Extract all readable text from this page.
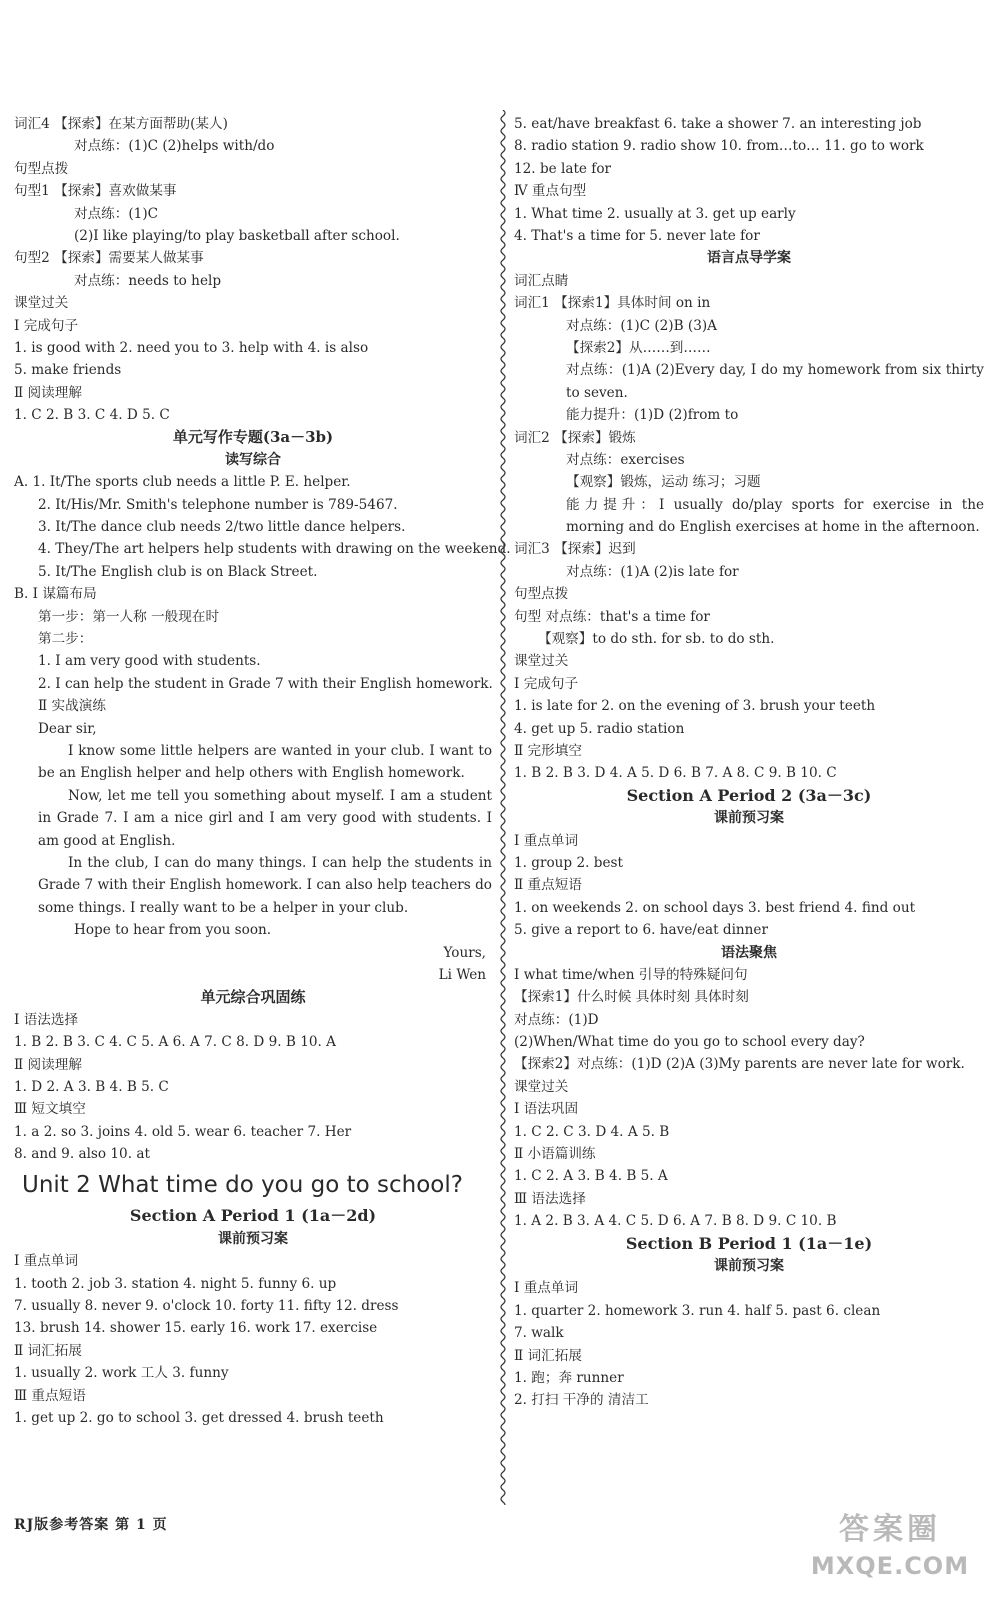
词汇4 【探索】在某方面帮助(某人)
对点练：(1)C (2)helps with/do
句型点拨
句型1 【探索】喜欢做某事
对点练：(1)C
(2)I like playing/to play basketball after school.
句型2 【探索】需要某人做某事
对点练：needs to help
课堂过关
Ⅰ 完成句子
1. is good with 2. need you to 3. help with 4. is also
5. make friends
Ⅱ 阅读理解
1. C 2. B 3. C 4. D 5. C
单元写作专题(3a－3b)
读写综合
A. 1. It/The sports club needs a little P. E. helper.
2. It/His/Mr. Smith's telephone number is 789-5467.
3. It/The dance club needs 2/two little dance helpers.
4. They/The art helpers help students with drawing on the weekend.
5. It/The English club is on Black Street.
B. Ⅰ 谋篇布局
第一步：第一人称 一般现在时
第二步：
1. I am very good with students.
2. I can help the student in Grade 7 with their English homework.
Ⅱ 实战演练
Dear sir,
I know some little helpers are wanted in your club. I want to be an English helper and help others with English homework.
Now, let me tell you something about myself. I am a student in Grade 7. I am a nice girl and I am very good with students. I am good at English.
In the club, I can do many things. I can help the students in Grade 7 with their English homework. I can also help teachers do some things. I really want to be a helper in your club.
Hope to hear from you soon.
Yours,
Li Wen
单元综合巩固练
Ⅰ 语法选择
1. B 2. B 3. C 4. C 5. A 6. A 7. C 8. D 9. B 10. A
Ⅱ 阅读理解
1. D 2. A 3. B 4. B 5. C
Ⅲ 短文填空
1. a 2. so 3. joins 4. old 5. wear 6. teacher 7. Her
8. and 9. also 10. at
Unit 2 What time do you go to school?
Section A Period 1 (1a－2d)
课前预习案
Ⅰ 重点单词
1. tooth 2. job 3. station 4. night 5. funny 6. up
7. usually 8. never 9. o'clock 10. forty 11. fifty 12. dress
13. brush 14. shower 15. early 16. work 17. exercise
Ⅱ 词汇拓展
1. usually 2. work 工人 3. funny
Ⅲ 重点短语
1. get up 2. go to school 3. get dressed 4. brush teeth
5. eat/have breakfast 6. take a shower 7. an interesting job
8. radio station 9. radio show 10. from…to… 11. go to work
12. be late for
Ⅳ 重点句型
1. What time 2. usually at 3. get up early
4. That's a time for 5. never late for
语言点导学案
词汇点睛
词汇1 【探索1】具体时间 on in
对点练：(1)C (2)B (3)A
【探索2】从……到……
对点练：(1)A (2)Every day, I do my homework from six thirty to seven.
能力提升：(1)D (2)from to
词汇2 【探索】锻炼
对点练：exercises
【观察】锻炼，运动 练习；习题
能力提升：I usually do/play sports for exercise in the morning and do English exercises at home in the afternoon.
词汇3 【探索】迟到
对点练：(1)A (2)is late for
句型点拨
句型 对点练：that's a time for
【观察】to do sth. for sb. to do sth.
课堂过关
Ⅰ 完成句子
1. is late for 2. on the evening of 3. brush your teeth
4. get up 5. radio station
Ⅱ 完形填空
1. B 2. B 3. D 4. A 5. D 6. B 7. A 8. C 9. B 10. C
Section A Period 2 (3a－3c)
课前预习案
Ⅰ 重点单词
1. group 2. best
Ⅱ 重点短语
1. on weekends 2. on school days 3. best friend 4. find out
5. give a report to 6. have/eat dinner
语法聚焦
Ⅰ what time/when 引导的特殊疑问句
【探索1】什么时候 具体时刻 具体时刻
对点练：(1)D
(2)When/What time do you go to school every day?
【探索2】对点练：(1)D (2)A (3)My parents are never late for work.
课堂过关
Ⅰ 语法巩固
1. C 2. C 3. D 4. A 5. B
Ⅱ 小语篇训练
1. C 2. A 3. B 4. B 5. A
Ⅲ 语法选择
1. A 2. B 3. A 4. C 5. D 6. A 7. B 8. D 9. C 10. B
Section B Period 1 (1a－1e)
课前预习案
Ⅰ 重点单词
1. quarter 2. homework 3. run 4. half 5. past 6. clean
7. walk
Ⅱ 词汇拓展
1. 跑；奔 runner
2. 打扫 干净的 清洁工
RJ版参考答案 第 1 页	答案圈
MXQE.COM
